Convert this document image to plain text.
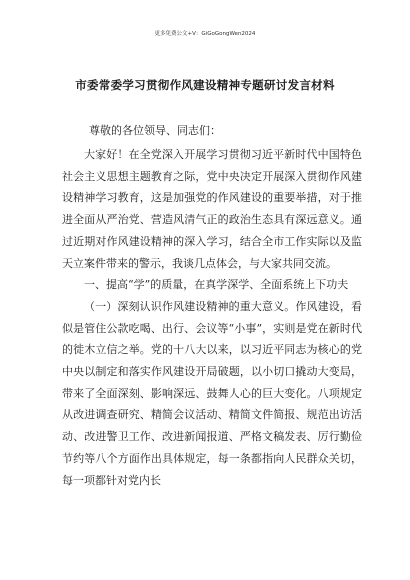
更多免费公文+V：GiGoGongWen2024
市委常委学习贯彻作风建设精神专题研讨发言材料
尊敬的各位领导、同志们：

大家好！在全党深入开展学习贯彻习近平新时代中国特色社会主义思想主题教育之际，党中央决定开展深入贯彻作风建设精神学习教育，这是加强党的作风建设的重要举措，对于推进全面从严治党、营造风清气正的政治生态具有深远意义。通过近期对作风建设精神的深入学习，结合全市工作实际以及监天立案件带来的警示，我谈几点体会，与大家共同交流。

一、提高“学”的质量，在真学深学、全面系统上下功夫

（一）深刻认识作风建设精神的重大意义。作风建设，看似是管住公款吃喝、出行、会议等“小事”，实则是党在新时代的徙木立信之举。党的十八大以来，以习近平同志为核心的党中央以制定和落实作风建设开局破题，以小切口撬动大变局，带来了全面深刻、影响深远、鼓舞人心的巨大变化。八项规定从改进调查研究、精简会议活动、精简文件简报、规范出访活动、改进警卫工作、改进新闻报道、严格文稿发表、厉行勤俭节约等八个方面作出具体规定，每一条都指向人民群众关切，每一项都针对党内长
